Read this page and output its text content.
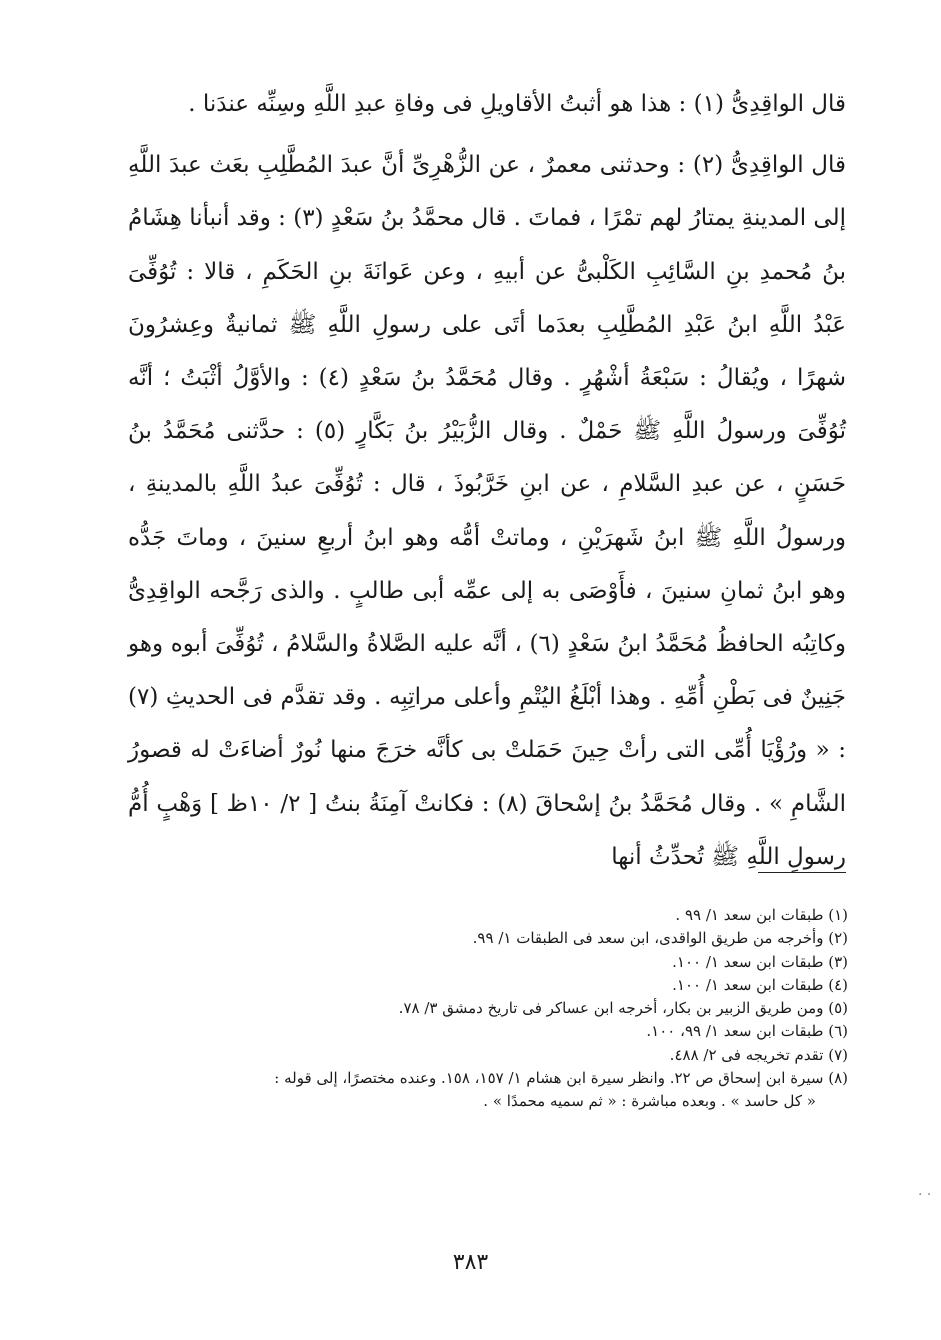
قال الواقِدِىُّ (١) : هذا هو أثبتُ الأقاويلِ فى وفاةِ عبدِ اللَّهِ وسِنِّه عندَنا .

قال الواقِدِىُّ (٢) : وحدثنى معمرٌ ، عن الزُّهْرِىِّ أنَّ عبدَ المُطَّلِبِ بعَث عبدَ اللَّهِ إلى المدينةِ يمتارُ لهم تمْرًا ، فماتَ . قال محمَّدُ بنُ سَعْدٍ (٣) : وقد أنبأنا هِشَامُ بنُ مُحمدِ بنِ السَّائِبِ الكَلْبىُّ عن أبيهِ ، وعن عَوانَةَ بنِ الحَكَمِ ، قالا : تُوُفِّىَ عَبْدُ اللَّهِ ابنُ عَبْدِ المُطَّلِبِ بعدَما أتَى على رسولِ اللَّهِ ﷺ ثمانيةٌ وعِشرُونَ شهرًا ، ويُقالُ : سَبْعَةُ أشْهُرٍ . وقال مُحَمَّدُ بنُ سَعْدٍ (٤) : والأوَّلُ أثْبَتُ ؛ أنَّه تُوُفِّىَ ورسولُ اللَّهِ ﷺ حَمْلٌ . وقال الزُّبَيْرُ بنُ بَكَّارٍ (٥) : حدَّثنى مُحَمَّدُ بنُ حَسَنٍ ، عن عبدِ السَّلامِ ، عن ابنِ خَرَّبُوذَ ، قال : تُوُفِّىَ عبدُ اللَّهِ بالمدينةِ ، ورسولُ اللَّهِ ﷺ ابنُ شَهرَيْنِ ، وماتتْ أمُّه وهو ابنُ أربعِ سنينَ ، وماتَ جَدُّه وهو ابنُ ثمانِ سنينَ ، فأَوْصَى به إلى عمِّه أبى طالبٍ . والذى رَجَّحه الواقِدِىُّ وكاتِبُه الحافظُ مُحَمَّدُ ابنُ سَعْدٍ (٦) ، أنَّه عليه الصَّلاةُ والسَّلامُ ، تُوُفِّىَ أبوه وهو جَنِينٌ فى بَطْنِ أُمِّهِ . وهذا أبْلَغُ اليُتْمِ وأعلى مراتِبِه . وقد تقدَّم فى الحديثِ (٧) : « ورُؤْيَا أُمِّى التى رأتْ حِينَ حَمَلتْ بى كأنَّه خرَجَ منها نُورٌ أضاءَتْ له قصورُ الشَّامِ » . وقال مُحَمَّدُ بنُ إسْحاقَ (٨) : فكانتْ آمِنَةُ بنتُ [ ٢/ ١٠ظ ] وَهْبٍ أُمُّ رسولِ اللَّهِ ﷺ تُحدِّثُ أنها

(١) طبقات ابن سعد ١/ ٩٩ .
(٢) وأخرجه من طريق الواقدى، ابن سعد فى الطبقات ١/ ٩٩.
(٣) طبقات ابن سعد ١/ ١٠٠.
(٤) طبقات ابن سعد ١/ ١٠٠.
(٥) ومن طريق الزبير بن بكار، أخرجه ابن عساكر فى تاريخ دمشق ٣/ ٧٨.
(٦) طبقات ابن سعد ١/ ٩٩، ١٠٠.
(٧) تقدم تخريجه فى ٢/ ٤٨٨.
(٨) سيرة ابن إسحاق ص ٢٢. وانظر سيرة ابن هشام ١/ ١٥٧، ١٥٨. وعنده مختصرًا، إلى قوله :
« كل حاسد » . وبعده مباشرة : « ثم سميه محمدًا » .
· ·
٣٨٣
